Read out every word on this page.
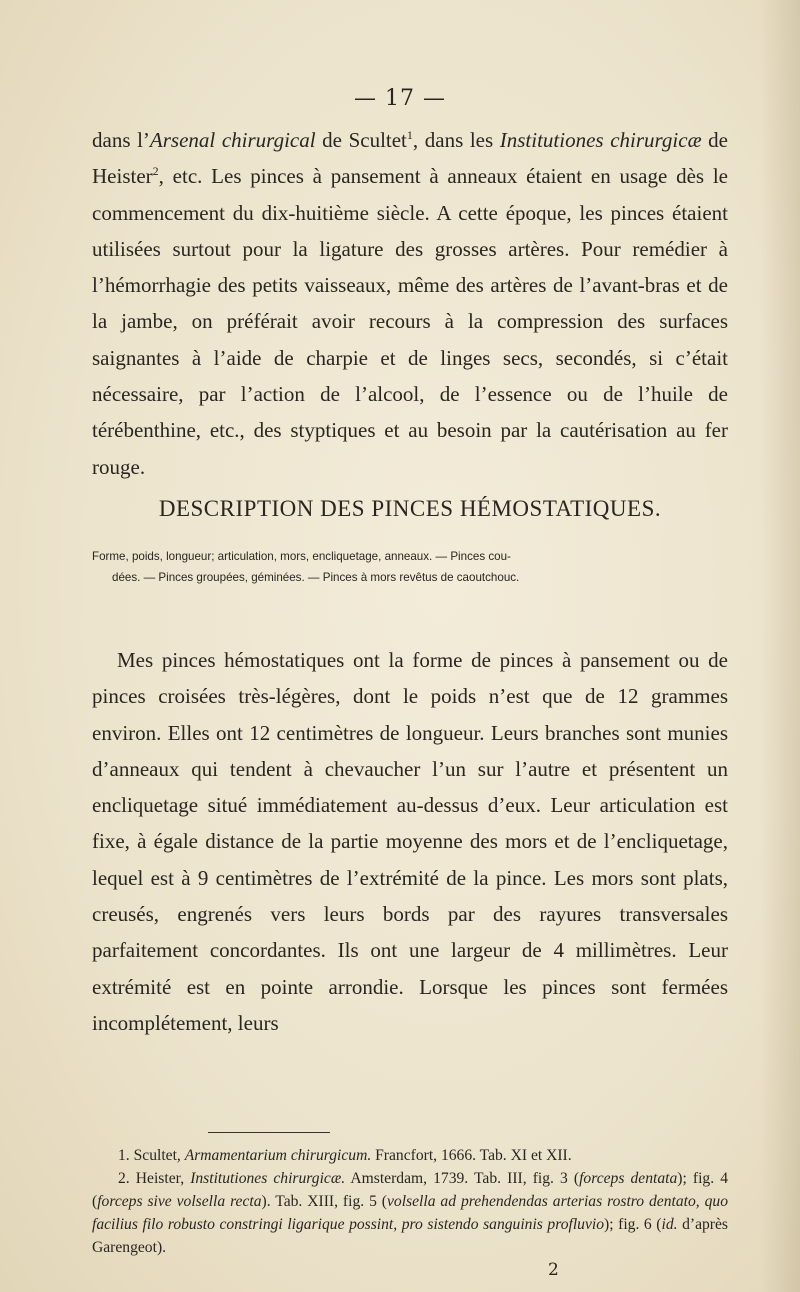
— 17 —
dans l’Arsenal chirurgical de Scultet$^1$, dans les Institutiones chirurgicæ de Heister$^2$, etc. Les pinces à pansement à anneaux étaient en usage dès le commencement du dix-huitième siècle. A cette époque, les pinces étaient utilisées surtout pour la ligature des grosses artères. Pour remédier à l’hémorrhagie des petits vaisseaux, même des artères de l’avant-bras et de la jambe, on préférait avoir recours à la compression des surfaces saignantes à l’aide de charpie et de linges secs, secondés, si c’était nécessaire, par l’action de l’alcool, de l’essence ou de l’huile de térébenthine, etc., des styptiques et au besoin par la cautérisation au fer rouge.
DESCRIPTION DES PINCES HÉMOSTATIQUES.
Forme, poids, longueur; articulation, mors, encliquetage, anneaux. — Pinces cou-
dées. — Pinces groupées, géminées. — Pinces à mors revêtus de caoutchouc.
Mes pinces hémostatiques ont la forme de pinces à pansement ou de pinces croisées très-légères, dont le poids n’est que de 12 grammes environ. Elles ont 12 centimètres de longueur. Leurs branches sont munies d’anneaux qui tendent à chevaucher l’un sur l’autre et présentent un encliquetage situé immédiatement au-dessus d’eux. Leur articulation est fixe, à égale distance de la partie moyenne des mors et de l’encliquetage, lequel est à 9 centimètres de l’extrémité de la pince. Les mors sont plats, creusés, engrenés vers leurs bords par des rayures transversales parfaitement concordantes. Ils ont une largeur de 4 millimètres. Leur extrémité est en pointe arrondie. Lorsque les pinces sont fermées incomplétement, leurs

1. Scultet, Armamentarium chirurgicum. Francfort, 1666. Tab. XI et XII.

2. Heister, Institutiones chirurgicæ. Amsterdam, 1739. Tab. III, fig. 3 (forceps dentata); fig. 4 (forceps sive volsella recta). Tab. XIII, fig. 5 (volsella ad prehendendas arterias rostro dentato, quo facilius filo robusto constringi ligarique possint, pro sistendo sanguinis profluvio); fig. 6 (id. d’après Garengeot).

2
